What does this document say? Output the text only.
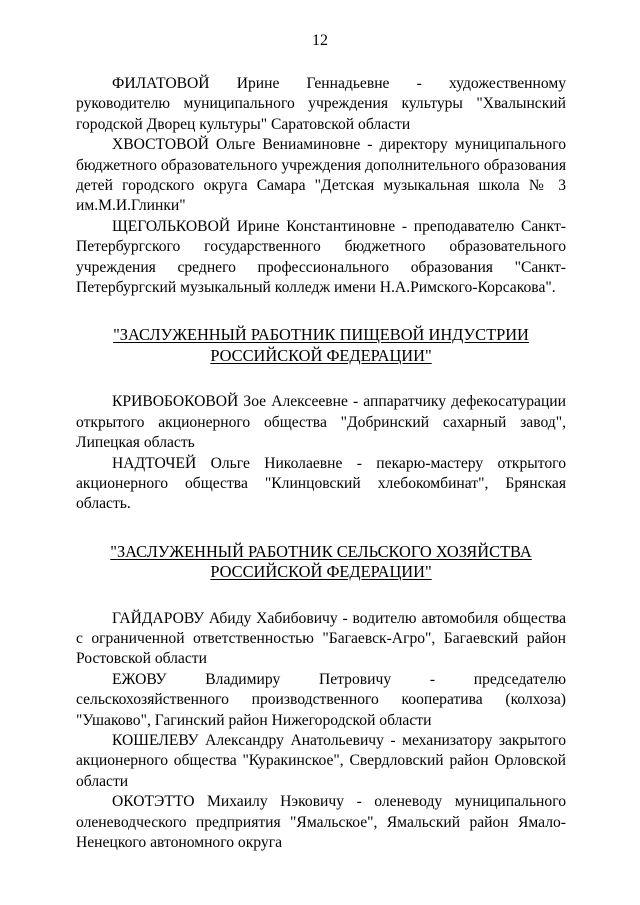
12

ФИЛАТОВОЙ Ирине Геннадьевне - художественному руководителю муниципального учреждения культуры "Хвалынский городской Дворец культуры" Саратовской области

ХВОСТОВОЙ Ольге Вениаминовне - директору муниципального бюджетного образовательного учреждения дополнительного образования детей городского округа Самара "Детская музыкальная школа № 3 им.М.И.Глинки"

ЩЕГОЛЬКОВОЙ Ирине Константиновне - преподавателю Санкт-Петербургского государственного бюджетного образовательного учреждения среднего профессионального образования "Санкт-Петербургский музыкальный колледж имени Н.А.Римского-Корсакова".

"ЗАСЛУЖЕННЫЙ РАБОТНИК ПИЩЕВОЙ ИНДУСТРИИ
РОССИЙСКОЙ ФЕДЕРАЦИИ"

КРИВОБОКОВОЙ Зое Алексеевне - аппаратчику дефекосатурации открытого акционерного общества "Добринский сахарный завод", Липецкая область

НАДТОЧЕЙ Ольге Николаевне - пекарю-мастеру открытого акционерного общества "Клинцовский хлебокомбинат", Брянская область.

"ЗАСЛУЖЕННЫЙ РАБОТНИК СЕЛЬСКОГО ХОЗЯЙСТВА
РОССИЙСКОЙ ФЕДЕРАЦИИ"

ГАЙДАРОВУ Абиду Хабибовичу - водителю автомобиля общества с ограниченной ответственностью "Багаевск-Агро", Багаевский район Ростовской области

ЕЖОВУ Владимиру Петровичу - председателю сельскохозяйственного производственного кооператива (колхоза) "Ушаково", Гагинский район Нижегородской области

КОШЕЛЕВУ Александру Анатольевичу - механизатору закрытого акционерного общества "Куракинское", Свердловский район Орловской области

ОКОТЭТТО Михаилу Нэковичу - оленеводу муниципального оленеводческого предприятия "Ямальское", Ямальский район Ямало-Ненецкого автономного округа
